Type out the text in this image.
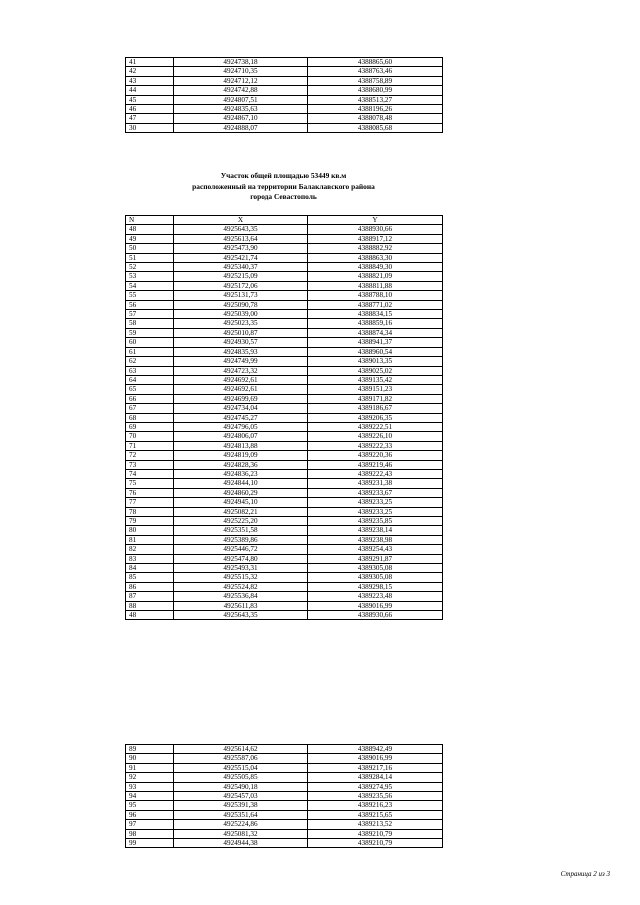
41	4924738,18	4388865,60
42	4924710,35	4388763,46
43	4924712,12	4388758,89
44	4924742,88	4388680,99
45	4924807,51	4388513,27
46	4924835,63	4388196,26
47	4924867,10	4388078,48
30	4924888,07	4388085,68
Участок общей площадью 53449 кв.м
расположенный на территории Балаклавского района
города Севастополь
N	X	Y
48	4925643,35	4388930,66
49	4925613,64	4388917,12
50	4925473,90	4388882,92
51	4925421,74	4388863,30
52	4925340,37	4388849,30
53	4925215,09	4388821,09
54	4925172,06	4388811,88
55	4925131,73	4388788,10
56	4925090,78	4388771,02
57	4925039,00	4388834,15
58	4925023,35	4388859,16
59	4925010,87	4388874,34
60	4924930,57	4388941,37
61	4924835,93	4388960,54
62	4924749,99	4389013,35
63	4924723,32	4389025,02
64	4924692,61	4389135,42
65	4924692,61	4389151,23
66	4924699,69	4389171,82
67	4924734,04	4389186,67
68	4924745,27	4389206,35
69	4924796,05	4389222,51
70	4924806,07	4389226,10
71	4924813,88	4389222,33
72	4924819,09	4389220,36
73	4924828,36	4389219,46
74	4924836,23	4389222,43
75	4924844,10	4389231,38
76	4924860,29	4389233,67
77	4924945,10	4389233,25
78	4925082,21	4389233,25
79	4925225,20	4389235,85
80	4925351,58	4389238,14
81	4925389,86	4389238,98
82	4925446,72	4389254,43
83	4925474,80	4389291,87
84	4925493,31	4389305,08
85	4925515,32	4389305,08
86	4925524,82	4389298,15
87	4925536,84	4389223,48
88	4925611,83	4389016,99
48	4925643,35	4388930,66
89	4925614,62	4388942,49
90	4925587,06	4389016,99
91	4925515,04	4389217,16
92	4925505,85	4389284,14
93	4925490,18	4389274,95
94	4925457,03	4389235,56
95	4925391,38	4389216,23
96	4925351,64	4389215,65
97	4925224,86	4389213,52
98	4925081,32	4389210,79
99	4924944,38	4389210,79
Страница 2 из 3
